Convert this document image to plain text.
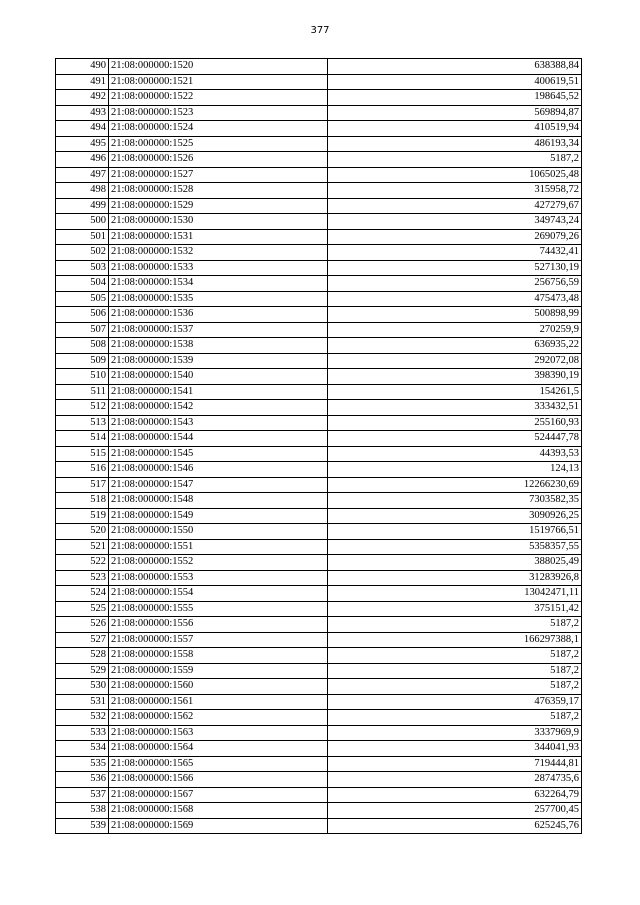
377
490	21:08:000000:1520	638388,84
491	21:08:000000:1521	400619,51
492	21:08:000000:1522	198645,52
493	21:08:000000:1523	569894,87
494	21:08:000000:1524	410519,94
495	21:08:000000:1525	486193,34
496	21:08:000000:1526	5187,2
497	21:08:000000:1527	1065025,48
498	21:08:000000:1528	315958,72
499	21:08:000000:1529	427279,67
500	21:08:000000:1530	349743,24
501	21:08:000000:1531	269079,26
502	21:08:000000:1532	74432,41
503	21:08:000000:1533	527130,19
504	21:08:000000:1534	256756,59
505	21:08:000000:1535	475473,48
506	21:08:000000:1536	500898,99
507	21:08:000000:1537	270259,9
508	21:08:000000:1538	636935,22
509	21:08:000000:1539	292072,08
510	21:08:000000:1540	398390,19
511	21:08:000000:1541	154261,5
512	21:08:000000:1542	333432,51
513	21:08:000000:1543	255160,93
514	21:08:000000:1544	524447,78
515	21:08:000000:1545	44393,53
516	21:08:000000:1546	124,13
517	21:08:000000:1547	12266230,69
518	21:08:000000:1548	7303582,35
519	21:08:000000:1549	3090926,25
520	21:08:000000:1550	1519766,51
521	21:08:000000:1551	5358357,55
522	21:08:000000:1552	388025,49
523	21:08:000000:1553	31283926,8
524	21:08:000000:1554	13042471,11
525	21:08:000000:1555	375151,42
526	21:08:000000:1556	5187,2
527	21:08:000000:1557	166297388,1
528	21:08:000000:1558	5187,2
529	21:08:000000:1559	5187,2
530	21:08:000000:1560	5187,2
531	21:08:000000:1561	476359,17
532	21:08:000000:1562	5187,2
533	21:08:000000:1563	3337969,9
534	21:08:000000:1564	344041,93
535	21:08:000000:1565	719444,81
536	21:08:000000:1566	2874735,6
537	21:08:000000:1567	632264,79
538	21:08:000000:1568	257700,45
539	21:08:000000:1569	625245,76
